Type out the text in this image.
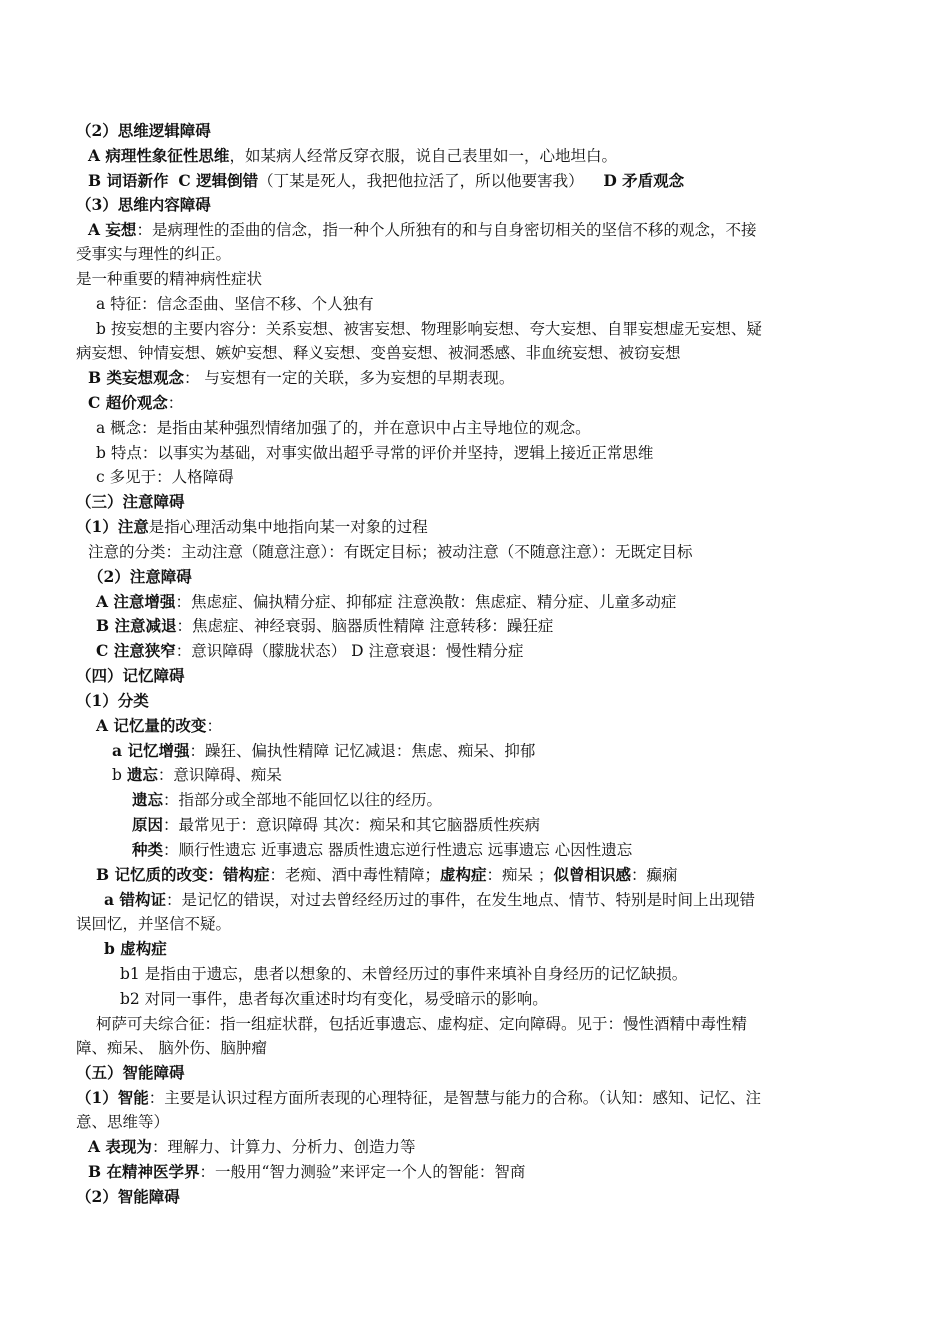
（2）思维逻辑障碍
A 病理性象征性思维，如某病人经常反穿衣服，说自己表里如一，心地坦白。
B 词语新作 C 逻辑倒错（丁某是死人，我把他拉活了，所以他要害我） D 矛盾观念
（3）思维内容障碍
A 妄想：是病理性的歪曲的信念，指一种个人所独有的和与自身密切相关的坚信不移的观念，不接
受事实与理性的纠正。
是一种重要的精神病性症状
a 特征：信念歪曲、坚信不移、个人独有
b 按妄想的主要内容分：关系妄想、被害妄想、物理影响妄想、夸大妄想、自罪妄想虚无妄想、疑
病妄想、钟情妄想、嫉妒妄想、释义妄想、变兽妄想、被洞悉感、非血统妄想、被窃妄想
B 类妄想观念： 与妄想有一定的关联，多为妄想的早期表现。
C 超价观念：
a 概念：是指由某种强烈情绪加强了的，并在意识中占主导地位的观念。
b 特点：以事实为基础，对事实做出超乎寻常的评价并坚持，逻辑上接近正常思维
c 多见于：人格障碍
（三）注意障碍
（1）注意是指心理活动集中地指向某一对象的过程
注意的分类：主动注意（随意注意）：有既定目标；被动注意（不随意注意）：无既定目标
（2）注意障碍
A 注意增强：焦虑症、偏执精分症、抑郁症 注意涣散：焦虑症、精分症、儿童多动症
B 注意减退：焦虑症、神经衰弱、脑器质性精障 注意转移：躁狂症
C 注意狭窄：意识障碍（朦胧状态） D 注意衰退：慢性精分症
（四）记忆障碍
（1）分类
A 记忆量的改变：
a 记忆增强：躁狂、偏执性精障 记忆减退：焦虑、痴呆、抑郁
b 遗忘：意识障碍、痴呆
遗忘：指部分或全部地不能回忆以往的经历。
原因：最常见于：意识障碍 其次：痴呆和其它脑器质性疾病
种类：顺行性遗忘 近事遗忘 器质性遗忘逆行性遗忘 远事遗忘 心因性遗忘
B 记忆质的改变：错构症：老痴、酒中毒性精障；虚构症：痴呆 ；似曾相识感：癫痫
a 错构证：是记忆的错误，对过去曾经经历过的事件，在发生地点、情节、特别是时间上出现错
误回忆，并坚信不疑。
b 虚构症
b1 是指由于遗忘，患者以想象的、未曾经历过的事件来填补自身经历的记忆缺损。
b2 对同一事件，患者每次重述时均有变化，易受暗示的影响。
柯萨可夫综合征：指一组症状群，包括近事遗忘、虚构症、定向障碍。见于：慢性酒精中毒性精
障、痴呆、 脑外伤、脑肿瘤
（五）智能障碍
（1）智能：主要是认识过程方面所表现的心理特征，是智慧与能力的合称。（认知：感知、记忆、注
意、思维等）
A 表现为：理解力、计算力、分析力、创造力等
B 在精神医学界：一般用“智力测验”来评定一个人的智能：智商
（2）智能障碍
